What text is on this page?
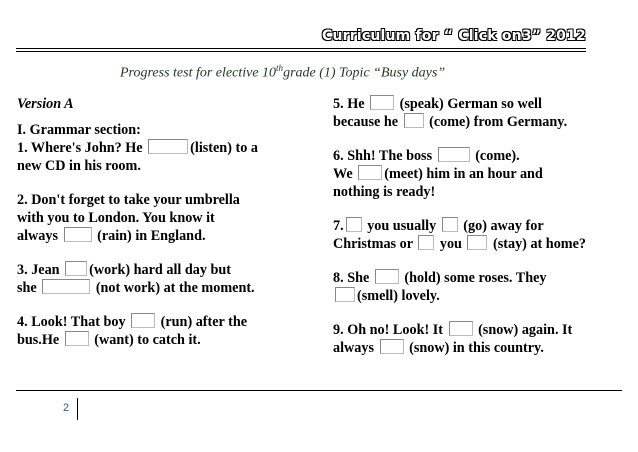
Curriculum for “ Click on3” 2012
Progress test for elective 10thgrade (1) Topic “Busy days”
Version A
I. Grammar section:
1. Where's John? He	(listen) to a
new CD in his room.
2. Don't forget to take your umbrella
with you to London. You know it
always	(rain) in England.
3. Jean (work) hard all day but
she	(not work) at the moment.
4. Look! That boy (run) after the
bus.He (want) to catch it.
5. He (speak) German so well
because he (come) from Germany.
6. Shh! The boss	(come).
We (meet) him in an hour and
nothing is ready!
7. you usually (go) away for
Christmas or you (stay) at home?
8. She (hold) some roses. They
(smell) lovely.
9. Oh no! Look! It (snow) again. It
always (snow) in this country.
2
